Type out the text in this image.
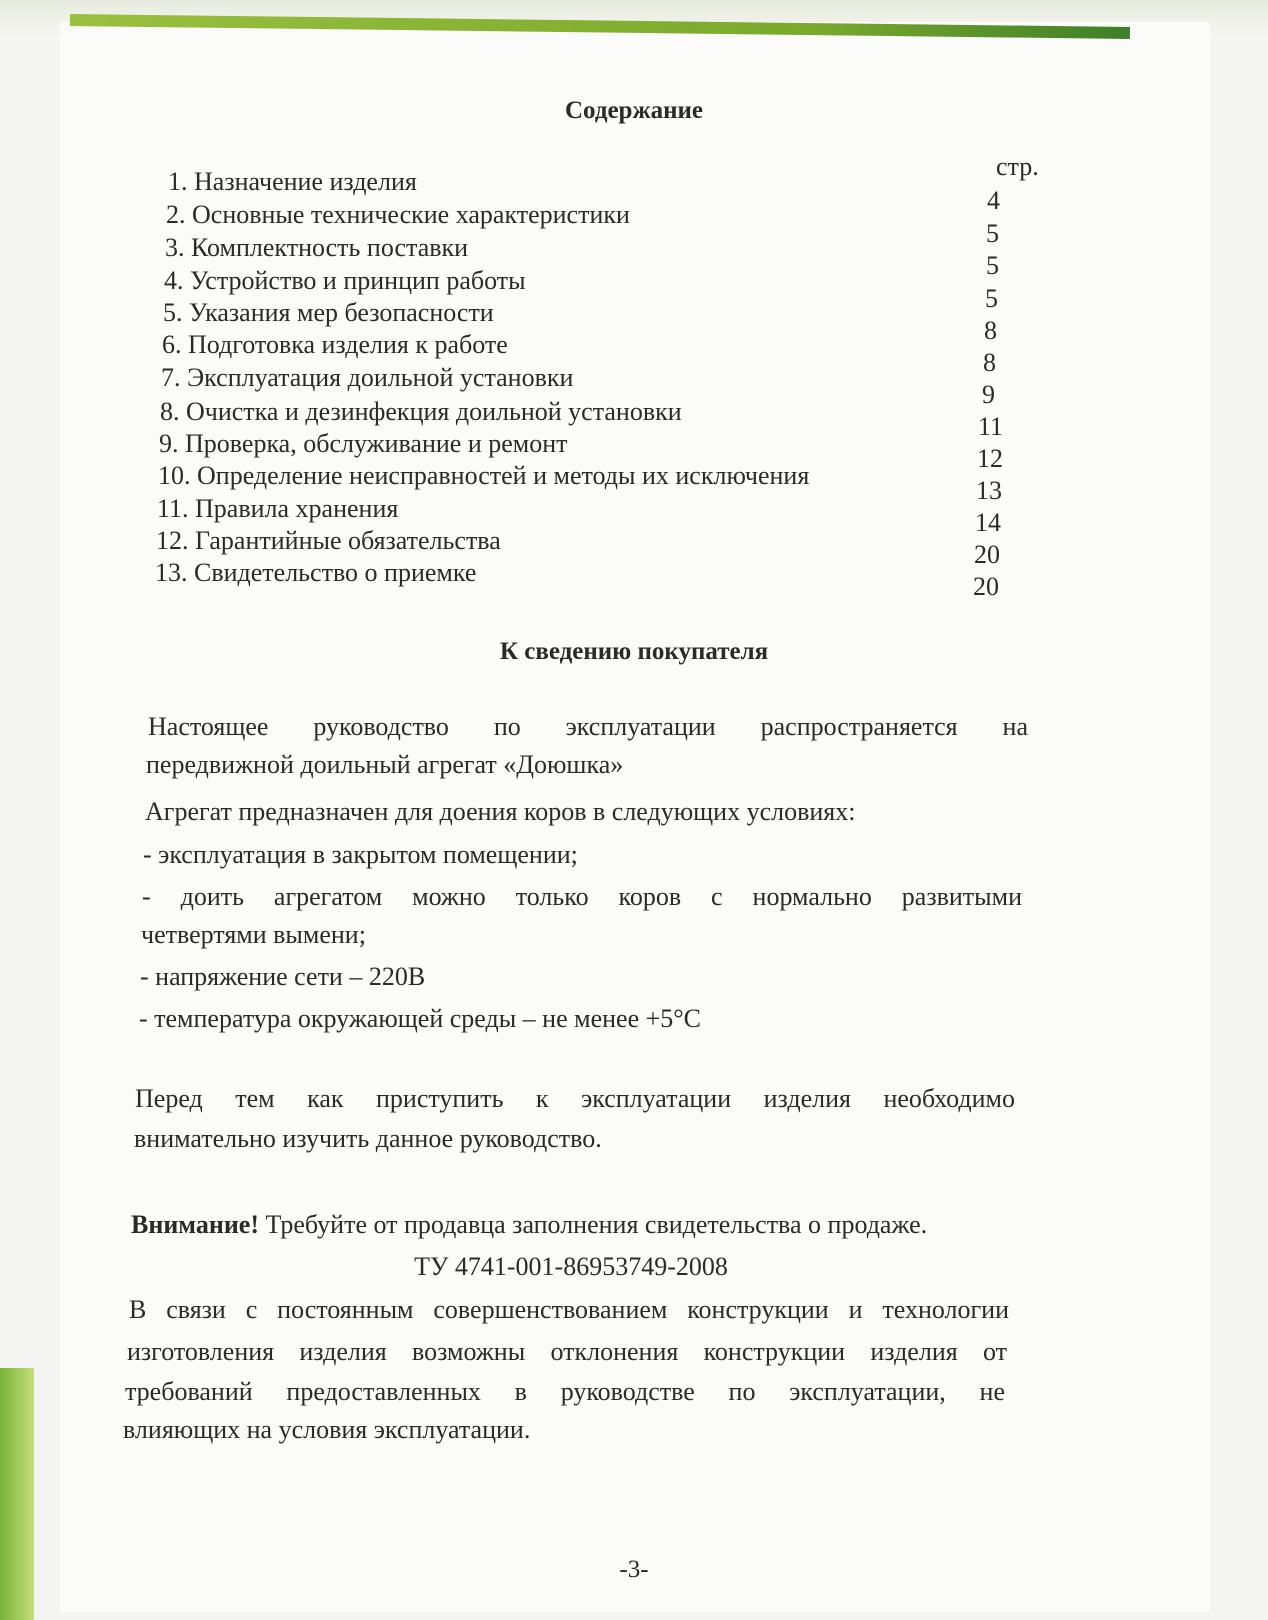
Содержание
стр.
1. Назначение изделия
2. Основные технические характеристики
3. Комплектность поставки
4. Устройство и принцип работы
5. Указания мер безопасности
6. Подготовка изделия к работе
7. Эксплуатация доильной установки
8. Очистка и дезинфекция доильной установки
9. Проверка, обслуживание и ремонт
10. Определение неисправностей и методы их исключения
11. Правила хранения
12. Гарантийные обязательства
13. Свидетельство о приемке
4
5
5
5
8
8
9
11
12
13
14
20
20
К сведению покупателя
Настоящее руководство по эксплуатации распространяется на
передвижной доильный агрегат «Доюшка»
Агрегат предназначен для доения коров в следующих условиях:
- эксплуатация в закрытом помещении;
- доить агрегатом можно только коров с нормально развитыми
четвертями вымени;
- напряжение сети – 220В
- температура окружающей среды – не менее +5°С
Перед тем как приступить к эксплуатации изделия необходимо
внимательно изучить данное руководство.
Внимание! Требуйте от продавца заполнения свидетельства о продаже.
ТУ 4741-001-86953749-2008
В связи с постоянным совершенствованием конструкции и технологии
изготовления изделия возможны отклонения конструкции изделия от
требований предоставленных в руководстве по эксплуатации, не
влияющих на условия эксплуатации.
-3-
